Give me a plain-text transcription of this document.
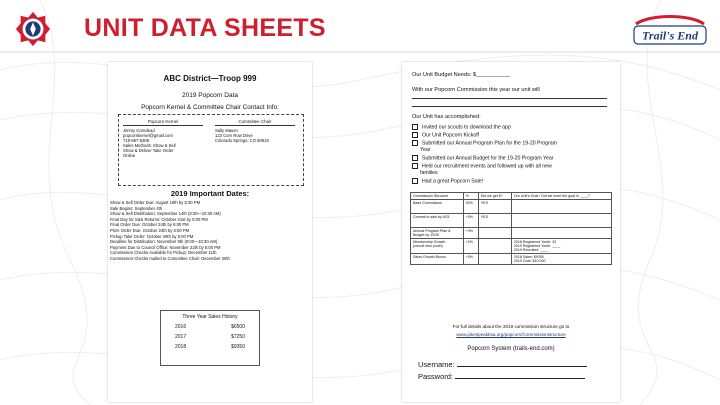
UNIT DATA SHEETS	Trail's End
ABC District—Troop 999
2019 Popcorn Data
Popcorn Kernel & Committee Chair Contact Info:
Popcorn Kernel
Jimmy Corndead
popcornkernel@gmail.com
719-867-5309
Sales Methods: Show & Sell
Show & Deliver Take Order
Online
Committee Chair
Sally Mason
123 Corn Row Drive
Colorado Springs, CO 80916
2019 Important Dates:
Show & Sell Order Due: August 19th by 6:30 PM
Sale Begins: September 4th
Show & Sell Distribution: September 14th (8:30—10:30 AM)
Final Day for S&S Returns: October 21st by 5:00 PM
Final Order Due: October 24th by 6:00 PM
Prize Order Due: October 24th by 6:00 PM
Pickup Take Order: October 29th by 5:00 PM
Deadline for Distribution: November 9th (9:00—10:30 AM)
Payment Due to Council Office: November 22th by 5:00 PM
Commission Checks Available for Pickup: December 11th
Commission Checks mailed to Committee Chair: December 20th
Three Year Sales History
2016	$6500
2017	$7250
2018	$9350
Our Unit Budget Needs: $___________
With our Popcorn Commission this year our unit will
Our Unit has accomplished:
Invited our scouts to download the app
Our Unit Popcorn Kickoff
Submitted our Annual Program Plan for the 19-20 Program
Year
Submitted our Annual Budget for the 19-20 Program Year
Held our recruitment events and followed up with all new
families
Had a great Popcorn Sale!
Commission Structure	%	Did we get it?	Our Unit's Goal / Did we meet the goal in ____?
Base Commission	30%	YES	
Commit to sale by 9/21	+5%	YES	
Annual Program Plan &
Budget by 10/30	+3%		
Membership Growth
(recruit new youth)	+2%		2018 Registered Youth: 32
2019 Registered Youth: ____
2019 Recruited: ____
Sales Growth Bonus	+5%		2018 Sales: $9350
2019 Goal: $10,000
For full details about the 2019 commission structure go to
www.pikespeakbsa.org/popcorn/Commissionstructure
Popcorn System (trails-end.com)
Username:
Password:
